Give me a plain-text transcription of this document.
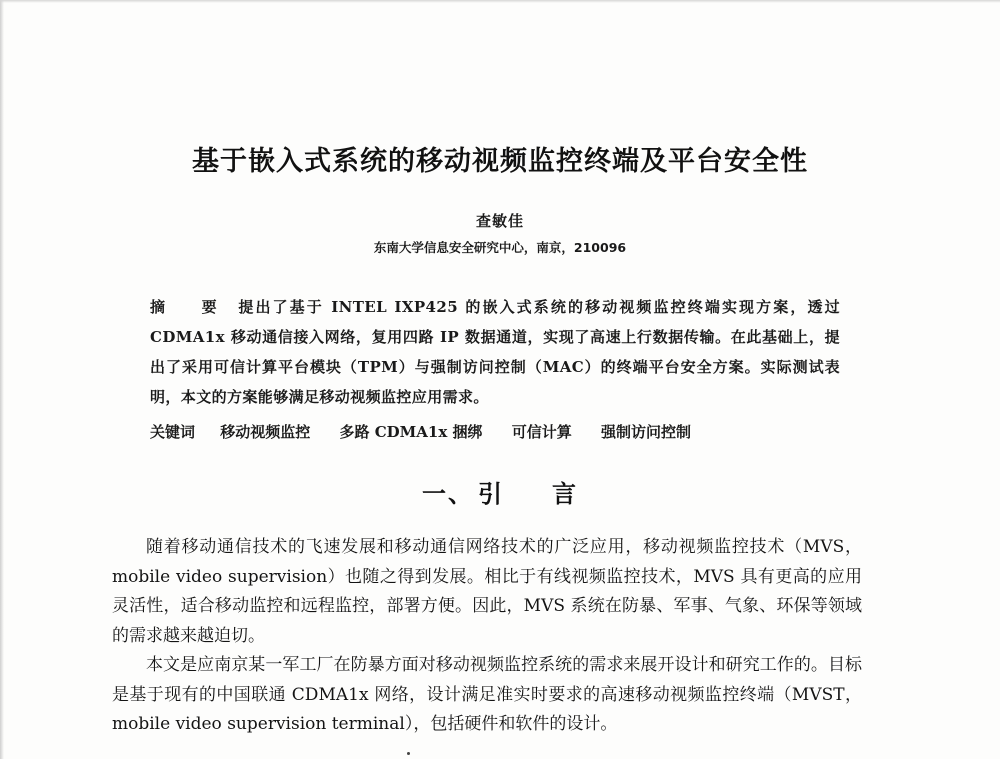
基于嵌入式系统的移动视频监控终端及平台安全性
查敏佳
东南大学信息安全研究中心，南京，210096
摘 要 提出了基于 INTEL IXP425 的嵌入式系统的移动视频监控终端实现方案，透过 CDMA1x 移动通信接入网络，复用四路 IP 数据通道，实现了高速上行数据传输。在此基础上，提出了采用可信计算平台模块（TPM）与强制访问控制（MAC）的终端平台安全方案。实际测试表明，本文的方案能够满足移动视频监控应用需求。
关键词 移动视频监控 多路 CDMA1x 捆绑 可信计算 强制访问控制
一、 引 言

随着移动通信技术的飞速发展和移动通信网络技术的广泛应用，移动视频监控技术（MVS，mobile video supervision）也随之得到发展。相比于有线视频监控技术，MVS 具有更高的应用灵活性，适合移动监控和远程监控，部署方便。因此，MVS 系统在防暴、军事、气象、环保等领域的需求越来越迫切。

本文是应南京某一军工厂在防暴方面对移动视频监控系统的需求来展开设计和研究工作的。目标是基于现有的中国联通 CDMA1x 网络，设计满足准实时要求的高速移动视频监控终端（MVST，mobile video supervision terminal），包括硬件和软件的设计。
